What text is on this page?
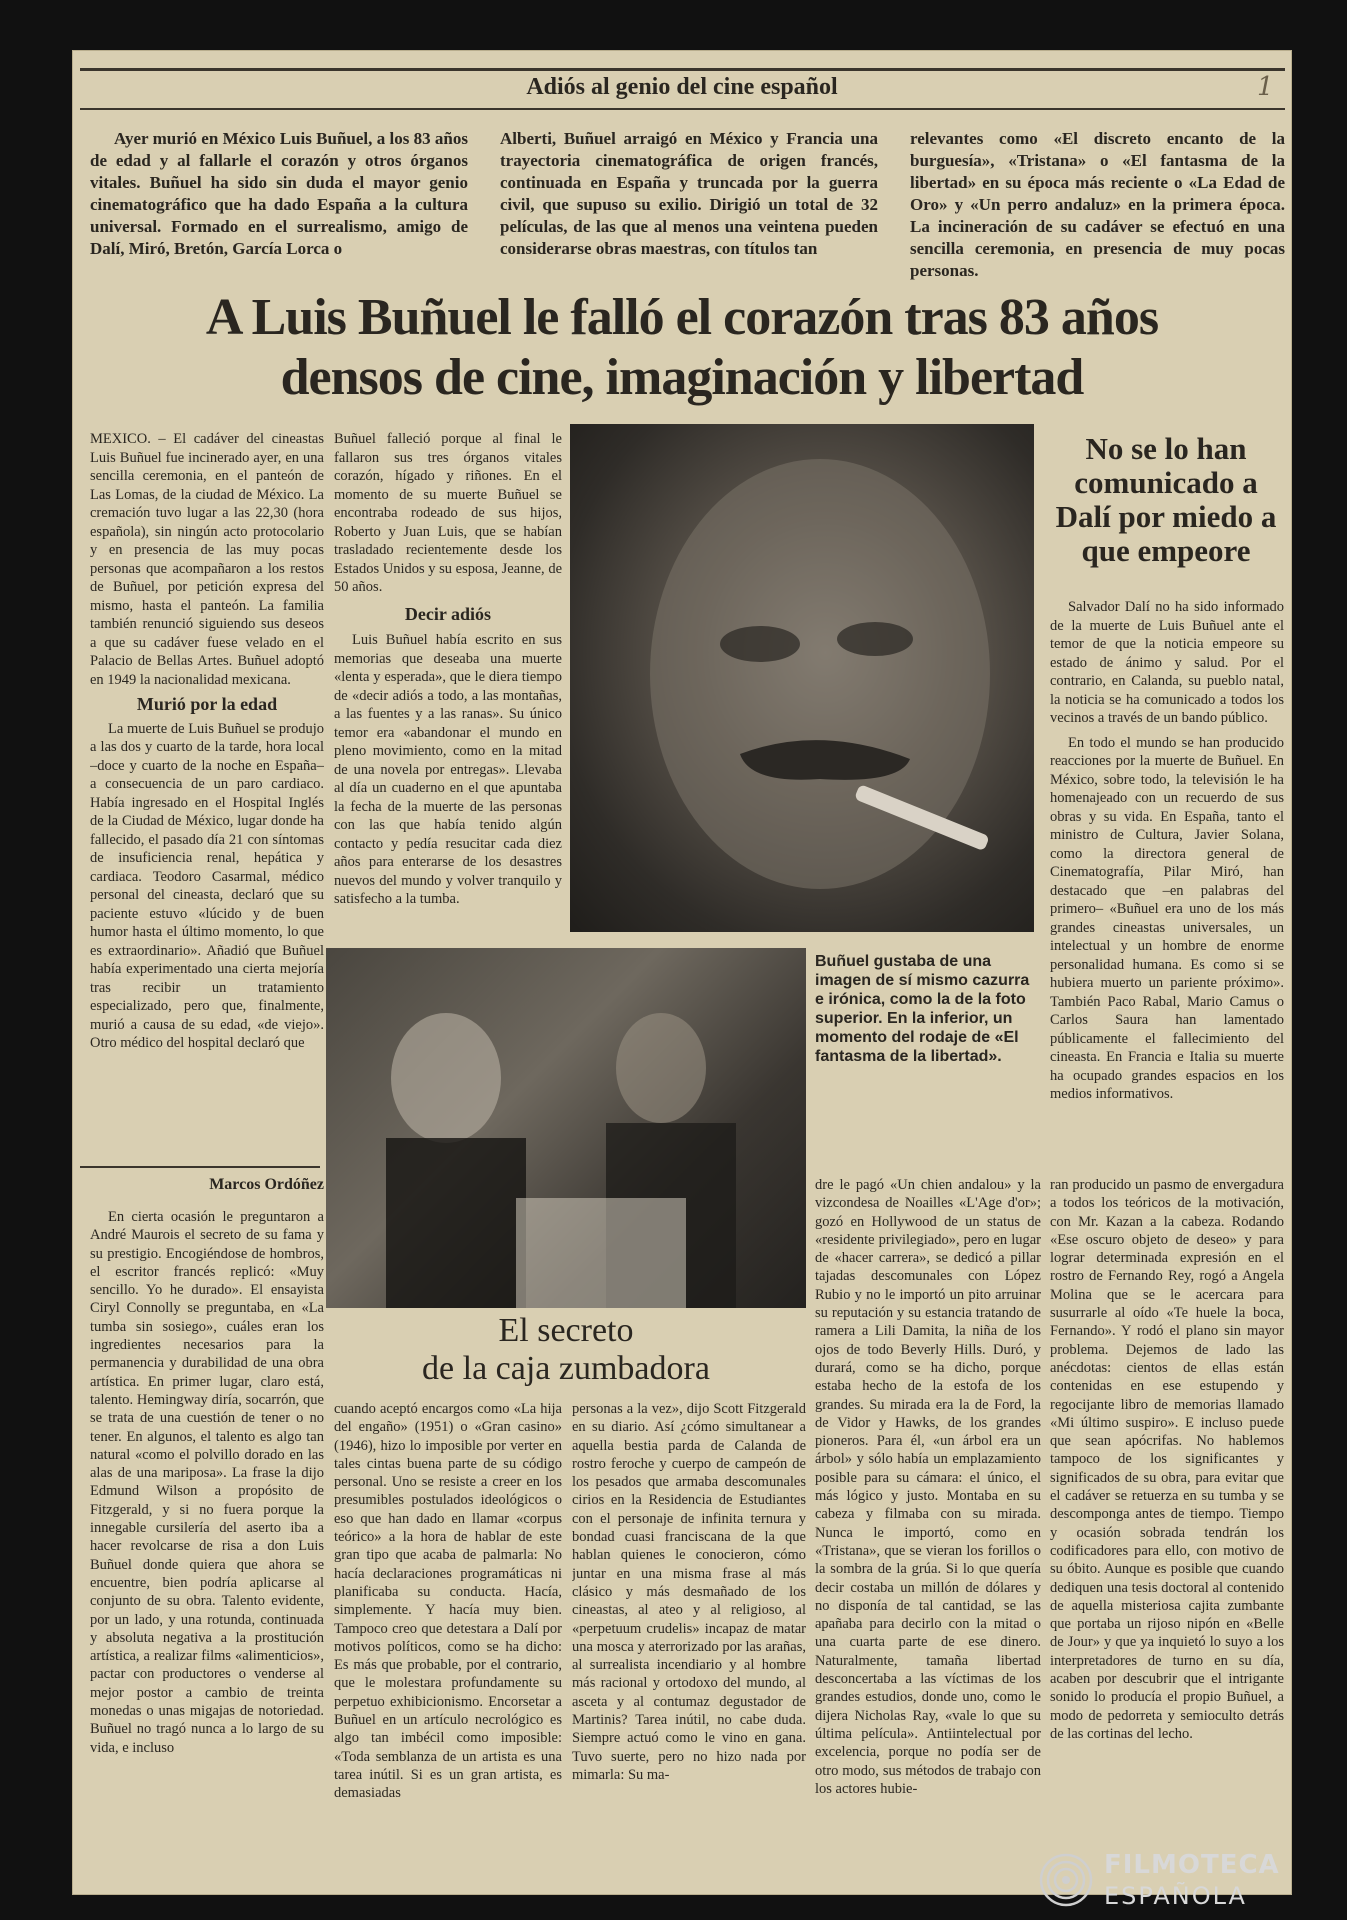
1
Adiós al genio del cine español

Ayer murió en México Luis Buñuel, a los 83 años de edad y al fallarle el corazón y otros órganos vitales. Buñuel ha sido sin duda el mayor genio cinematográfico que ha dado España a la cultura universal. Formado en el surrealismo, amigo de Dalí, Miró, Bretón, García Lorca o

Alberti, Buñuel arraigó en México y Francia una trayectoria cinematográfica de origen francés, continuada en España y truncada por la guerra civil, que supuso su exilio. Dirigió un total de 32 películas, de las que al menos una veintena pueden considerarse obras maestras, con títulos tan

relevantes como «El discreto encanto de la burguesía», «Tristana» o «El fantasma de la libertad» en su época más reciente o «La Edad de Oro» y «Un perro andaluz» en la primera época. La incineración de su cadáver se efectuó en una sencilla ceremonia, en presencia de muy pocas personas.

A Luis Buñuel le falló el corazón tras 83 años
densos de cine, imaginación y libertad

MEXICO. – El cadáver del cineastas Luis Buñuel fue incinerado ayer, en una sencilla ceremonia, en el panteón de Las Lomas, de la ciudad de México. La cremación tuvo lugar a las 22,30 (hora española), sin ningún acto protocolario y en presencia de las muy pocas personas que acompañaron a los restos de Buñuel, por petición expresa del mismo, hasta el panteón. La familia también renunció siguiendo sus deseos a que su cadáver fuese velado en el Palacio de Bellas Artes. Buñuel adoptó en 1949 la nacionalidad mexicana.

Murió por la edad

La muerte de Luis Buñuel se produjo a las dos y cuarto de la tarde, hora local –doce y cuarto de la noche en España– a consecuencia de un paro cardiaco. Había ingresado en el Hospital Inglés de la Ciudad de México, lugar donde ha fallecido, el pasado día 21 con síntomas de insuficiencia renal, hepática y cardiaca. Teodoro Casarmal, médico personal del cineasta, declaró que su paciente estuvo «lúcido y de buen humor hasta el último momento, lo que es extraordinario». Añadió que Buñuel había experimentado una cierta mejoría tras recibir un tratamiento especializado, pero que, finalmente, murió a causa de su edad, «de viejo». Otro médico del hospital declaró que

Buñuel falleció porque al final le fallaron sus tres órganos vitales corazón, hígado y riñones. En el momento de su muerte Buñuel se encontraba rodeado de sus hijos, Roberto y Juan Luis, que se habían trasladado recientemente desde los Estados Unidos y su esposa, Jeanne, de 50 años.

Decir adiós

Luis Buñuel había escrito en sus memorias que deseaba una muerte «lenta y esperada», que le diera tiempo de «decir adiós a todo, a las montañas, a las fuentes y a las ranas». Su único temor era «abandonar el mundo en pleno movimiento, como en la mitad de una novela por entregas». Llevaba al día un cuaderno en el que apuntaba la fecha de la muerte de las personas con las que había tenido algún contacto y pedía resucitar cada diez años para enterarse de los desastres nuevos del mundo y volver tranquilo y satisfecho a la tumba.

No se lo han comunicado a Dalí por miedo a que empeore

Salvador Dalí no ha sido informado de la muerte de Luis Buñuel ante el temor de que la noticia empeore su estado de ánimo y salud. Por el contrario, en Calanda, su pueblo natal, la noticia se ha comunicado a todos los vecinos a través de un bando público.

En todo el mundo se han producido reacciones por la muerte de Buñuel. En México, sobre todo, la televisión le ha homenajeado con un recuerdo de sus obras y su vida. En España, tanto el ministro de Cultura, Javier Solana, como la directora general de Cinematografía, Pilar Miró, han destacado que –en palabras del primero– «Buñuel era uno de los más grandes cineastas universales, un intelectual y un hombre de enorme personalidad humana. Es como si se hubiera muerto un pariente próximo». También Paco Rabal, Mario Camus o Carlos Saura han lamentado públicamente el fallecimiento del cineasta. En Francia e Italia su muerte ha ocupado grandes espacios en los medios informativos.

Buñuel gustaba de una imagen de sí mismo cazurra e irónica, como la de la foto superior. En la inferior, un momento del rodaje de «El fantasma de la libertad».
Marcos Ordóñez

En cierta ocasión le preguntaron a André Maurois el secreto de su fama y su prestigio. Encogiéndose de hombros, el escritor francés replicó: «Muy sencillo. Yo he durado». El ensayista Ciryl Connolly se preguntaba, en «La tumba sin sosiego», cuáles eran los ingredientes necesarios para la permanencia y durabilidad de una obra artística. En primer lugar, claro está, talento. Hemingway diría, socarrón, que se trata de una cuestión de tener o no tener. En algunos, el talento es algo tan natural «como el polvillo dorado en las alas de una mariposa». La frase la dijo Edmund Wilson a propósito de Fitzgerald, y si no fuera porque la innegable cursilería del aserto iba a hacer revolcarse de risa a don Luis Buñuel donde quiera que ahora se encuentre, bien podría aplicarse al conjunto de su obra. Talento evidente, por un lado, y una rotunda, continuada y absoluta negativa a la prostitución artística, a realizar films «alimenticios», pactar con productores o venderse al mejor postor a cambio de treinta monedas o unas migajas de notoriedad. Buñuel no tragó nunca a lo largo de su vida, e incluso

El secreto
de la caja zumbadora

cuando aceptó encargos como «La hija del engaño» (1951) o «Gran casino» (1946), hizo lo imposible por verter en tales cintas buena parte de su código personal. Uno se resiste a creer en los presumibles postulados ideológicos o eso que han dado en llamar «corpus teórico» a la hora de hablar de este gran tipo que acaba de palmarla: No hacía declaraciones programáticas ni planificaba su conducta. Hacía, simplemente. Y hacía muy bien. Tampoco creo que detestara a Dalí por motivos políticos, como se ha dicho: Es más que probable, por el contrario, que le molestara profundamente su perpetuo exhibicionismo. Encorsetar a Buñuel en un artículo necrológico es algo tan imbécil como imposible: «Toda semblanza de un artista es una tarea inútil. Si es un gran artista, es demasiadas

personas a la vez», dijo Scott Fitzgerald en su diario. Así ¿cómo simultanear a aquella bestia parda de Calanda de rostro feroche y cuerpo de campeón de los pesados que armaba descomunales cirios en la Residencia de Estudiantes con el personaje de infinita ternura y bondad cuasi franciscana de la que hablan quienes le conocieron, cómo juntar en una misma frase al más clásico y más desmañado de los cineastas, al ateo y al religioso, al «perpetuum crudelis» incapaz de matar una mosca y aterrorizado por las arañas, al surrealista incendiario y al hombre más racional y ortodoxo del mundo, al asceta y al contumaz degustador de Martinis? Tarea inútil, no cabe duda. Siempre actuó como le vino en gana. Tuvo suerte, pero no hizo nada por mimarla: Su ma-

dre le pagó «Un chien andalou» y la vizcondesa de Noailles «L'Age d'or»; gozó en Hollywood de un status de «residente privilegiado», pero en lugar de «hacer carrera», se dedicó a pillar tajadas descomunales con López Rubio y no le importó un pito arruinar su reputación y su estancia tratando de ramera a Lili Damita, la niña de los ojos de todo Beverly Hills. Duró, y durará, como se ha dicho, porque estaba hecho de la estofa de los grandes. Su mirada era la de Ford, la de Vidor y Hawks, de los grandes pioneros. Para él, «un árbol era un árbol» y sólo había un emplazamiento posible para su cámara: el único, el más lógico y justo. Montaba en su cabeza y filmaba con su mirada. Nunca le importó, como en «Tristana», que se vieran los forillos o la sombra de la grúa. Si lo que quería decir costaba un millón de dólares y no disponía de tal cantidad, se las apañaba para decirlo con la mitad o una cuarta parte de ese dinero. Naturalmente, tamaña libertad desconcertaba a las víctimas de los grandes estudios, donde uno, como le dijera Nicholas Ray, «vale lo que su última película». Antiintelectual por excelencia, porque no podía ser de otro modo, sus métodos de trabajo con los actores hubie-

ran producido un pasmo de envergadura a todos los teóricos de la motivación, con Mr. Kazan a la cabeza. Rodando «Ese oscuro objeto de deseo» y para lograr determinada expresión en el rostro de Fernando Rey, rogó a Angela Molina que se le acercara para susurrarle al oído «Te huele la boca, Fernando». Y rodó el plano sin mayor problema. Dejemos de lado las anécdotas: cientos de ellas están contenidas en ese estupendo y regocijante libro de memorias llamado «Mi último suspiro». E incluso puede que sean apócrifas. No hablemos tampoco de los significantes y significados de su obra, para evitar que el cadáver se retuerza en su tumba y se descomponga antes de tiempo. Tiempo y ocasión sobrada tendrán los codificadores para ello, con motivo de su óbito. Aunque es posible que cuando dediquen una tesis doctoral al contenido de aquella misteriosa cajita zumbante que portaba un rijoso nipón en «Belle de Jour» y que ya inquietó lo suyo a los interpretadores de turno en su día, acaben por descubrir que el intrigante sonido lo producía el propio Buñuel, a modo de pedorreta y semioculto detrás de las cortinas del lecho.

FILMOTECA
ESPAÑOLA
